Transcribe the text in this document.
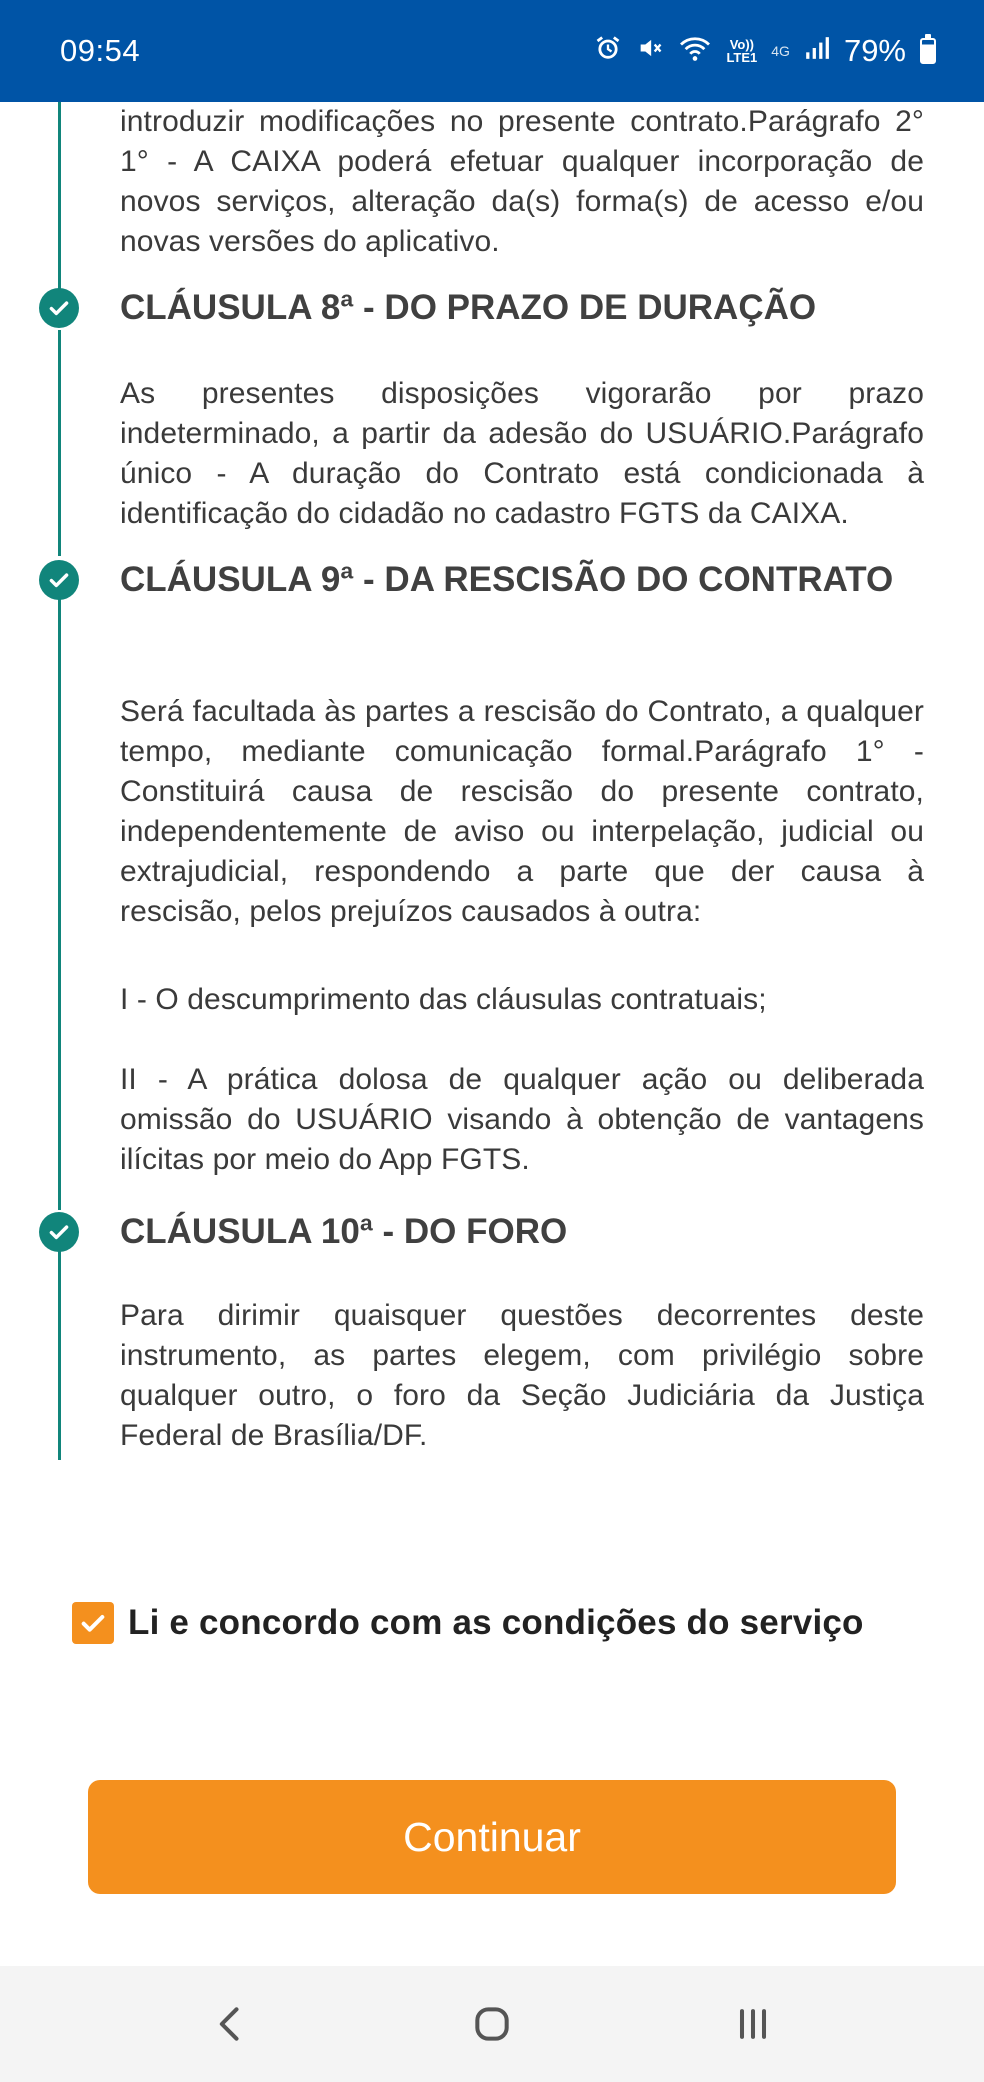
09:54	Vo))
LTE1 4G 79%

introduzir modificações no presente contrato.Parágrafo 2° 1° - A CAIXA poderá efetuar qualquer incorporação de novos serviços, alteração da(s) forma(s) de acesso e/ou novas versões do aplicativo.

CLÁUSULA 8ª - DO PRAZO DE DURAÇÃO

As presentes disposições vigorarão por prazo indeterminado, a partir da adesão do USUÁRIO.Parágrafo único - A duração do Contrato está condicionada à identificação do cidadão no cadastro FGTS da CAIXA.

CLÁUSULA 9ª - DA RESCISÃO DO CONTRATO

Será facultada às partes a rescisão do Contrato, a qualquer tempo, mediante comunicação formal.Parágrafo 1° - Constituirá causa de rescisão do presente contrato, independentemente de aviso ou interpelação, judicial ou extrajudicial, respondendo a parte que der causa à rescisão, pelos prejuízos causados à outra:

I - O descumprimento das cláusulas contratuais;

II - A prática dolosa de qualquer ação ou deliberada omissão do USUÁRIO visando à obtenção de vantagens ilícitas por meio do App FGTS.

CLÁUSULA 10ª - DO FORO

Para dirimir quaisquer questões decorrentes deste instrumento, as partes elegem, com privilégio sobre qualquer outro, o foro da Seção Judiciária da Justiça Federal de Brasília/DF.

Li e concordo com as condições do serviço
Continuar
